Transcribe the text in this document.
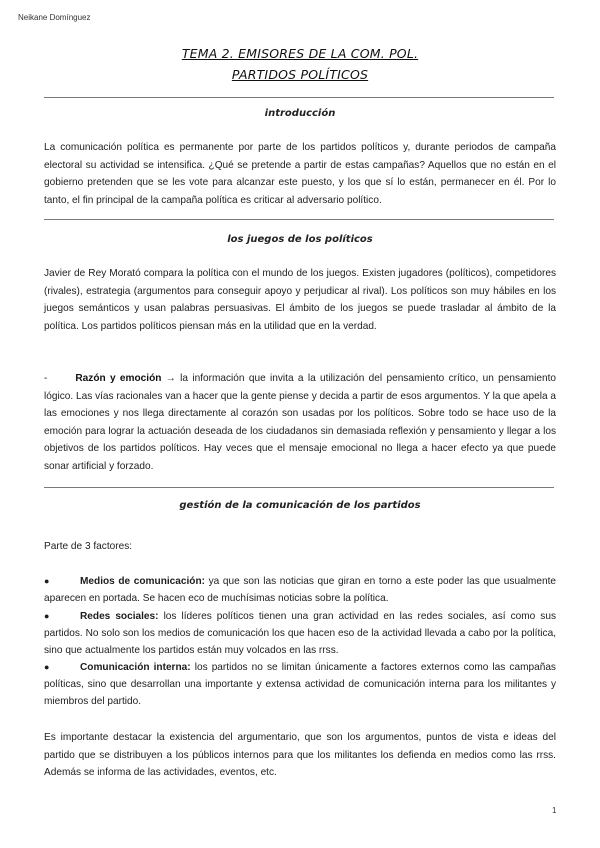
Neikane Domínguez
TEMA 2. EMISORES DE LA COM. POL.
PARTIDOS POLÍTICOS
introducción
La comunicación política es permanente por parte de los partidos políticos y, durante periodos de campaña electoral su actividad se intensifica. ¿Qué se pretende a partir de estas campañas? Aquellos que no están en el gobierno pretenden que se les vote para alcanzar este puesto, y los que sí lo están, permanecer en él. Por lo tanto, el fin principal de la campaña política es criticar al adversario político.
los juegos de los políticos
Javier de Rey Morató compara la política con el mundo de los juegos. Existen jugadores (políticos), competidores (rivales), estrategia (argumentos para conseguir apoyo y perjudicar al rival). Los políticos son muy hábiles en los juegos semánticos y usan palabras persuasivas. El ámbito de los juegos se puede trasladar al ámbito de la política. Los partidos políticos piensan más en la utilidad que en la verdad.
-	Razón y emoción → la información que invita a la utilización del pensamiento crítico, un pensamiento lógico. Las vías racionales van a hacer que la gente piense y decida a partir de esos argumentos. Y la que apela a las emociones y nos llega directamente al corazón son usadas por los políticos. Sobre todo se hace uso de la emoción para lograr la actuación deseada de los ciudadanos sin demasiada reflexión y pensamiento y llegar a los objetivos de los partidos políticos. Hay veces que el mensaje emocional no llega a hacer efecto ya que puede sonar artificial y forzado.
gestión de la comunicación de los partidos
Parte de 3 factores:
●	Medios de comunicación: ya que son las noticias que giran en torno a este poder las que usualmente aparecen en portada. Se hacen eco de muchísimas noticias sobre la política.
●	Redes sociales: los líderes políticos tienen una gran actividad en las redes sociales, así como sus partidos. No solo son los medios de comunicación los que hacen eso de la actividad llevada a cabo por la política, sino que actualmente los partidos están muy volcados en las rrss.
●	Comunicación interna: los partidos no se limitan únicamente a factores externos como las campañas políticas, sino que desarrollan una importante y extensa actividad de comunicación interna para los militantes y miembros del partido.
Es importante destacar la existencia del argumentario, que son los argumentos, puntos de vista e ideas del partido que se distribuyen a los públicos internos para que los militantes los defienda en medios como las rrss. Además se informa de las actividades, eventos, etc.
1
